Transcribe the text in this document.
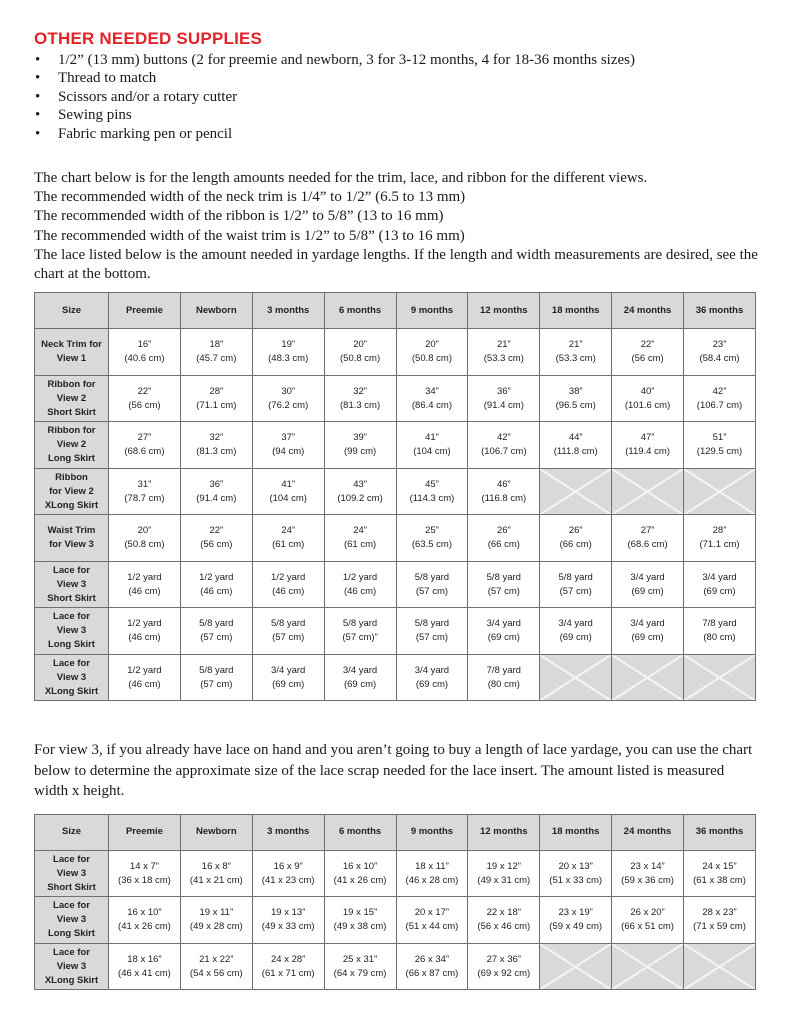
OTHER NEEDED SUPPLIES
• 1/2” (13 mm) buttons (2 for preemie and newborn, 3 for 3-12 months, 4 for 18-36 months sizes)
• Thread to match
• Scissors and/or a rotary cutter
• Sewing pins
• Fabric marking pen or pencil

The chart below is for the length amounts needed for the trim, lace, and ribbon for the different views.

The recommended width of the neck trim is 1/4” to 1/2” (6.5 to 13 mm)

The recommended width of the ribbon is 1/2” to 5/8” (13 to 16 mm)

The recommended width of the waist trim is 1/2” to 5/8” (13 to 16 mm)

The lace listed below is the amount needed in yardage lengths. If the length and width measurements are desired, see the chart at the bottom.

Size	Preemie	Newborn	3 months	6 months	9 months	12 months	18 months	24 months	36 months

Neck Trim for
View 1	16”
(40.6 cm)	18”
(45.7 cm)	19”
(48.3 cm)	20”
(50.8 cm)	20”
(50.8 cm)	21”
(53.3 cm)	21”
(53.3 cm)	22”
(56 cm)	23”
(58.4 cm)

Ribbon for
View 2
Short Skirt	22”
(56 cm)	28”
(71.1 cm)	30”
(76.2 cm)	32”
(81.3 cm)	34”
(86.4 cm)	36”
(91.4 cm)	38”
(96.5 cm)	40”
(101.6 cm)	42”
(106.7 cm)

Ribbon for
View 2
Long Skirt	27”
(68.6 cm)	32”
(81.3 cm)	37”
(94 cm)	39”
(99 cm)	41”
(104 cm)	42”
(106.7 cm)	44”
(111.8 cm)	47”
(119.4 cm)	51”
(129.5 cm)

Ribbon
for View 2
XLong Skirt	31”
(78.7 cm)	36”
(91.4 cm)	41”
(104 cm)	43”
(109.2 cm)	45”
(114.3 cm)	46”
(116.8 cm)

Waist Trim
for View 3	20”
(50.8 cm)	22”
(56 cm)	24”
(61 cm)	24”
(61 cm)	25”
(63.5 cm)	26”
(66 cm)	26”
(66 cm)	27”
(68.6 cm)	28”
(71.1 cm)

Lace for
View 3
Short Skirt	1/2 yard
(46 cm)	1/2 yard
(46 cm)	1/2 yard
(46 cm)	1/2 yard
(46 cm)	5/8 yard
(57 cm)	5/8 yard
(57 cm)	5/8 yard
(57 cm)	3/4 yard
(69 cm)	3/4 yard
(69 cm)

Lace for
View 3
Long Skirt	1/2 yard
(46 cm)	5/8 yard
(57 cm)	5/8 yard
(57 cm)	5/8 yard
(57 cm)”	5/8 yard
(57 cm)	3/4 yard
(69 cm)	3/4 yard
(69 cm)	3/4 yard
(69 cm)	7/8 yard
(80 cm)

Lace for
View 3
XLong Skirt	1/2 yard
(46 cm)	5/8 yard
(57 cm)	3/4 yard
(69 cm)	3/4 yard
(69 cm)	3/4 yard
(69 cm)	7/8 yard
(80 cm)

For view 3, if you already have lace on hand and you aren’t going to buy a length of lace yardage, you can use the chart below to determine the approximate size of the lace scrap needed for the lace insert. The amount listed is measured width x height.

Size	Preemie	Newborn	3 months	6 months	9 months	12 months	18 months	24 months	36 months

Lace for
View 3
Short Skirt	14 x 7”
(36 x 18 cm)	16 x 8”
(41 x 21 cm)	16 x 9”
(41 x 23 cm)	16 x 10”
(41 x 26 cm)	18 x 11”
(46 x 28 cm)	19 x 12”
(49 x 31 cm)	20 x 13”
(51 x 33 cm)	23 x 14”
(59 x 36 cm)	24 x 15”
(61 x 38 cm)

Lace for
View 3
Long Skirt	16 x 10”
(41 x 26 cm)	19 x 11”
(49 x 28 cm)	19 x 13”
(49 x 33 cm)	19 x 15”
(49 x 38 cm)	20 x 17”
(51 x 44 cm)	22 x 18”
(56 x 46 cm)	23 x 19”
(59 x 49 cm)	26 x 20”
(66 x 51 cm)	28 x 23”
(71 x 59 cm)

Lace for
View 3
XLong Skirt	18 x 16”
(46 x 41 cm)	21 x 22”
(54 x 56 cm)	24 x 28”
(61 x 71 cm)	25 x 31”
(64 x 79 cm)	26 x 34”
(66 x 87 cm)	27 x 36”
(69 x 92 cm)
